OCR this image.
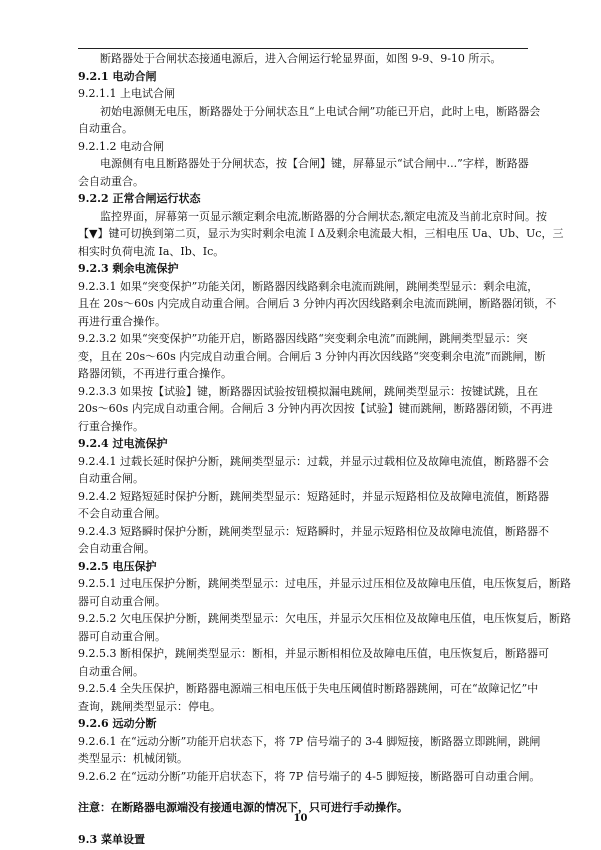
断路器处于合闸状态接通电源后，进入合闸运行轮显界面，如图 9-9、9-10 所示。
9.2.1 电动合闸
9.2.1.1 上电试合闸
初始电源侧无电压，断路器处于分闸状态且“上电试合闸”功能已开启，此时上电，断路器会
自动重合。
9.2.1.2 电动合闸
电源侧有电且断路器处于分闸状态，按【合闸】键，屏幕显示“试合闸中...”字样，断路器
会自动重合。
9.2.2 正常合闸运行状态
监控界面，屏幕第一页显示额定剩余电流,断路器的分合闸状态,额定电流及当前北京时间。按
【▼】键可切换到第二页，显示为实时剩余电流ＩΔ及剩余电流最大相，三相电压 Ua、Ub、Uc，三
相实时负荷电流 Ia、Ib、Ic。
9.2.3 剩余电流保护
9.2.3.1 如果“突变保护”功能关闭，断路器因线路剩余电流而跳闸，跳闸类型显示：剩余电流，
且在 20s～60s 内完成自动重合闸。合闸后 3 分钟内再次因线路剩余电流而跳闸，断路器闭锁，不
再进行重合操作。
9.2.3.2 如果“突变保护”功能开启，断路器因线路“突变剩余电流”而跳闸，跳闸类型显示：突
变，且在 20s～60s 内完成自动重合闸。合闸后 3 分钟内再次因线路“突变剩余电流”而跳闸，断
路器闭锁，不再进行重合操作。
9.2.3.3 如果按【试验】键，断路器因试验按钮模拟漏电跳闸，跳闸类型显示：按键试跳，且在
20s～60s 内完成自动重合闸。合闸后 3 分钟内再次因按【试验】键而跳闸，断路器闭锁，不再进
行重合操作。
9.2.4 过电流保护
9.2.4.1 过载长延时保护分断，跳闸类型显示：过载，并显示过载相位及故障电流值，断路器不会
自动重合闸。
9.2.4.2 短路短延时保护分断，跳闸类型显示：短路延时，并显示短路相位及故障电流值，断路器
不会自动重合闸。
9.2.4.3 短路瞬时保护分断，跳闸类型显示：短路瞬时，并显示短路相位及故障电流值，断路器不
会自动重合闸。
9.2.5 电压保护
9.2.5.1 过电压保护分断，跳闸类型显示：过电压，并显示过压相位及故障电压值，电压恢复后，断路
器可自动重合闸。
9.2.5.2 欠电压保护分断，跳闸类型显示：欠电压，并显示欠压相位及故障电压值，电压恢复后，断路
器可自动重合闸。
9.2.5.3 断相保护，跳闸类型显示：断相，并显示断相相位及故障电压值，电压恢复后，断路器可
自动重合闸。
9.2.5.4 全失压保护，断路器电源端三相电压低于失电压阈值时断路器跳闸，可在“故障记忆”中
查询，跳闸类型显示：停电。
9.2.6 远动分断
9.2.6.1 在“远动分断”功能开启状态下，将 7P 信号端子的 3-4 脚短接，断路器立即跳闸，跳闸
类型显示：机械闭锁。
9.2.6.2 在“远动分断”功能开启状态下，将 7P 信号端子的 4-5 脚短接，断路器可自动重合闸。
注意：在断路器电源端没有接通电源的情况下，只可进行手动操作。
9.3 菜单设置
10
